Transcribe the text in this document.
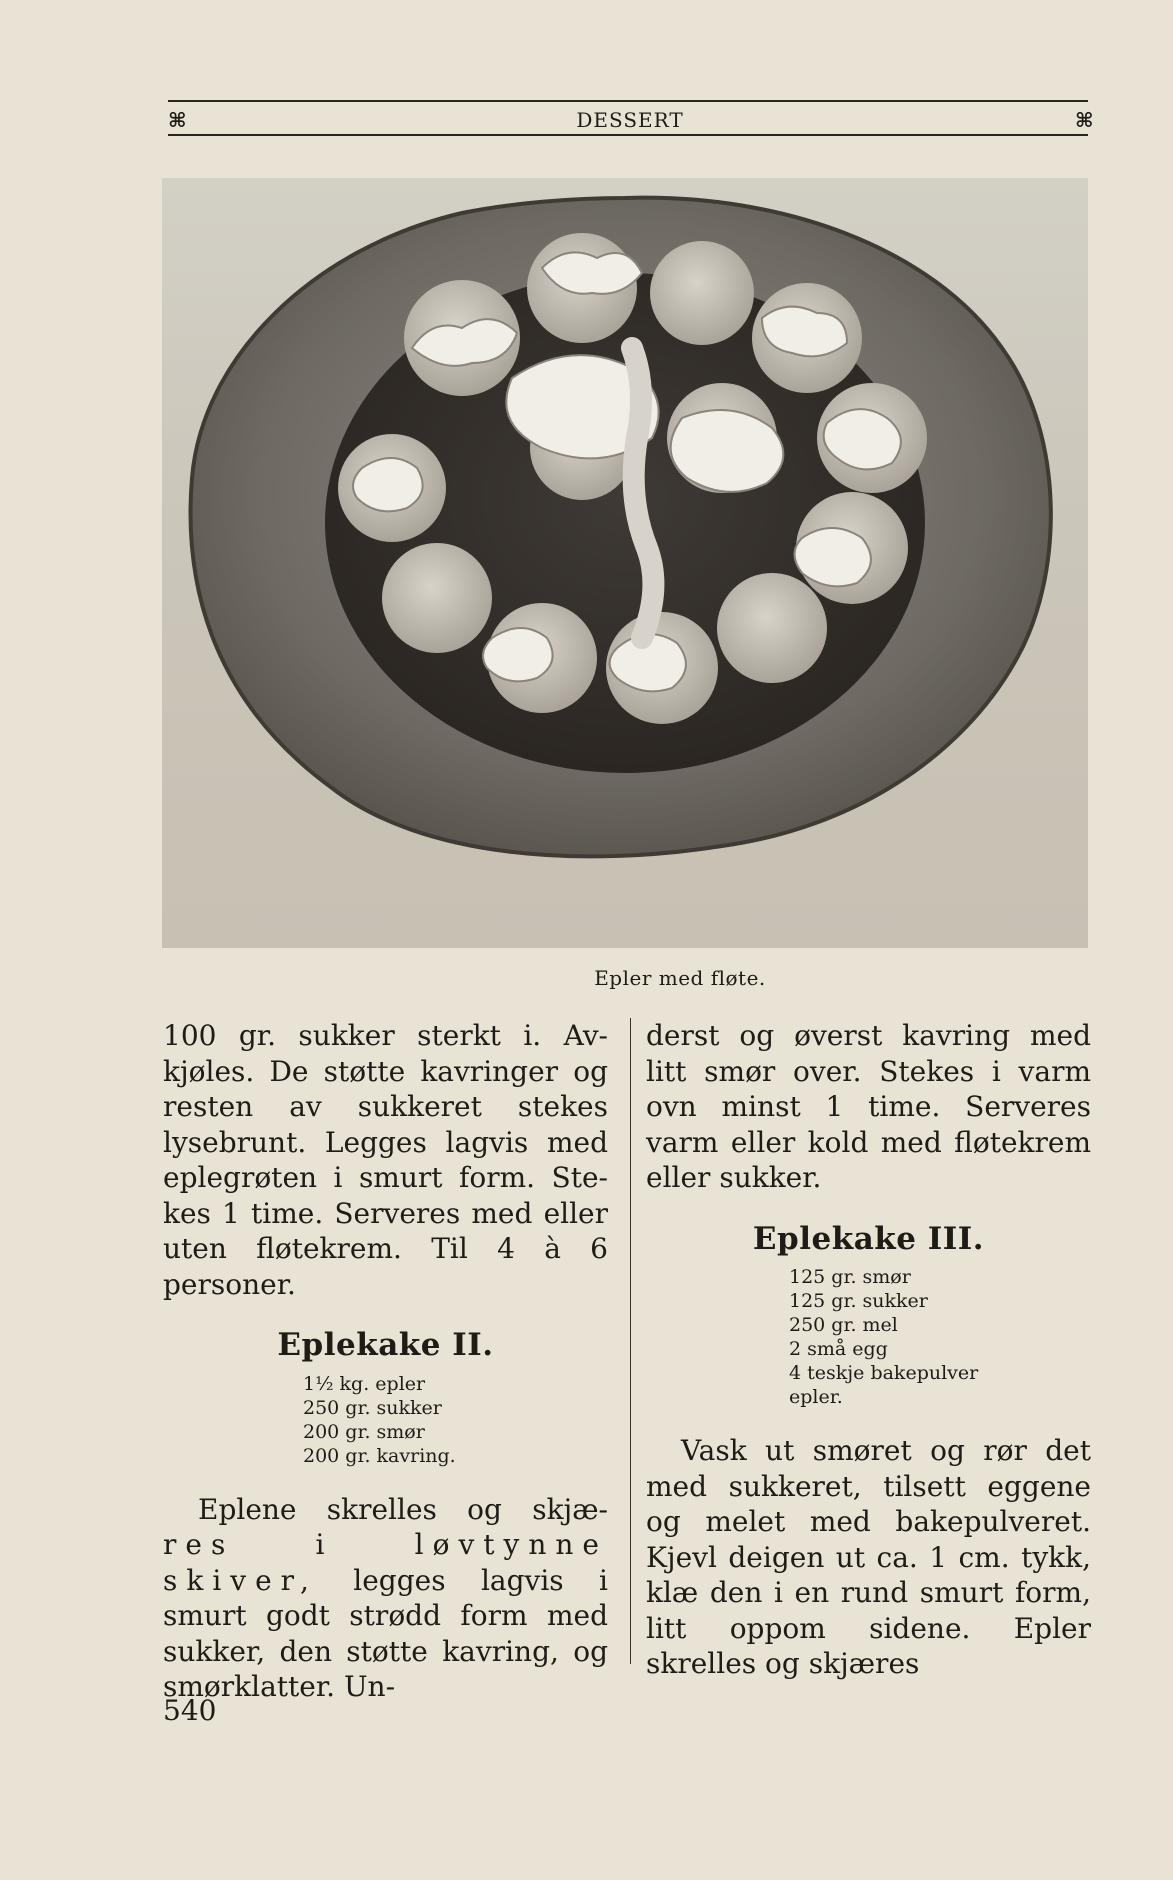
⌘	DESSERT	⌘
Epler med fløte.

100 gr. sukker sterkt i. Av- kjøles. De støtte kavringer og resten av sukkeret stekes lysebrunt. Legges lagvis med eplegrøten i smurt form. Ste- kes 1 time. Serveres med eller uten fløtekrem. Til 4 à 6 personer.

Eplekake II.
1½ kg. epler
250 gr. sukker
200 gr. smør
200 gr. kavring.

Eplene skrelles og skjæ- res i løvtynne skiver, legges lagvis i smurt godt strødd form med sukker, den støtte kavring, og smørklatter. Un-

derst og øverst kavring med litt smør over. Stekes i varm ovn minst 1 time. Serveres varm eller kold med fløtekrem eller sukker.

Eplekake III.
125 gr. smør
125 gr. sukker
250 gr. mel
2 små egg
4 teskje bakepulver
epler.

Vask ut smøret og rør det med sukkeret, tilsett eggene og melet med bakepulveret. Kjevl deigen ut ca. 1 cm. tykk, klæ den i en rund smurt form, litt oppom sidene. Epler skrelles og skjæres

540
